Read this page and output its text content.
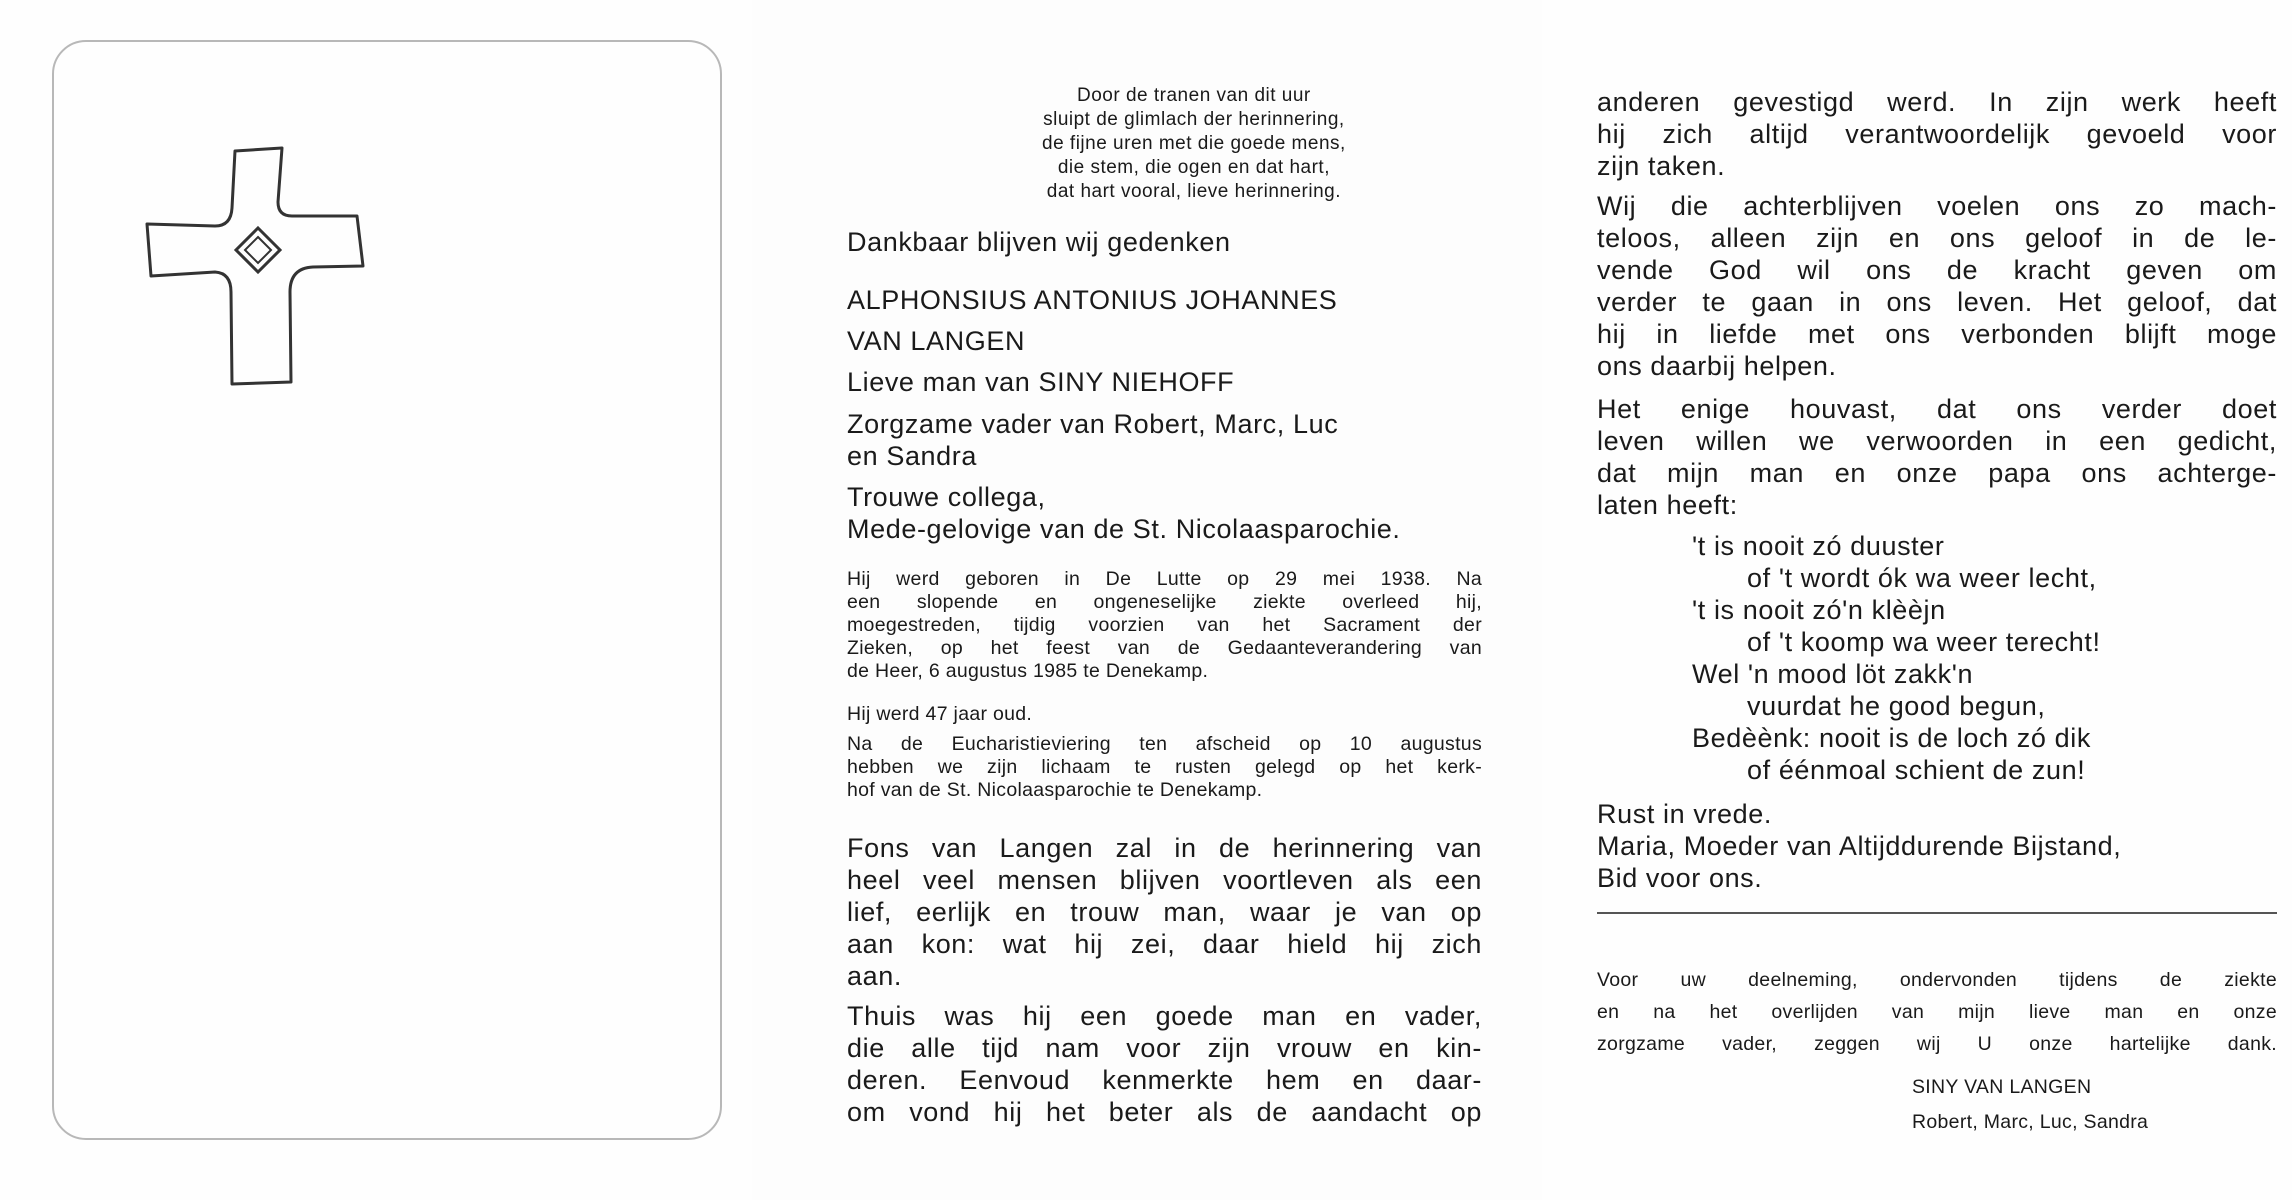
Door de tranen van dit uur
sluipt de glimlach der herinnering,
de fijne uren met die goede mens,
die stem, die ogen en dat hart,
dat hart vooral, lieve herinnering.
Dankbaar blijven wij gedenken
ALPHONSIUS ANTONIUS JOHANNES
VAN LANGEN
Lieve man van SINY NIEHOFF
Zorgzame vader van Robert, Marc, Luc
en Sandra
Trouwe collega,
Mede-gelovige van de St. Nicolaasparochie.
Hij werd geboren in De Lutte op 29 mei 1938. Na
een slopende en ongeneselijke ziekte overleed hij,
moegestreden, tijdig voorzien van het Sacrament der
Zieken, op het feest van de Gedaanteverandering van
de Heer, 6 augustus 1985 te Denekamp.
Hij werd 47 jaar oud.
Na de Eucharistieviering ten afscheid op 10 augustus
hebben we zijn lichaam te rusten gelegd op het kerk-
hof van de St. Nicolaasparochie te Denekamp.
Fons van Langen zal in de herinnering van
heel veel mensen blijven voortleven als een
lief, eerlijk en trouw man, waar je van op
aan kon: wat hij zei, daar hield hij zich
aan.
Thuis was hij een goede man en vader,
die alle tijd nam voor zijn vrouw en kin-
deren. Eenvoud kenmerkte hem en daar-
om vond hij het beter als de aandacht op
anderen gevestigd werd. In zijn werk heeft
hij zich altijd verantwoordelijk gevoeld voor
zijn taken.
Wij die achterblijven voelen ons zo mach-
teloos, alleen zijn en ons geloof in de le-
vende God wil ons de kracht geven om
verder te gaan in ons leven. Het geloof, dat
hij in liefde met ons verbonden blijft moge
ons daarbij helpen.
Het enige houvast, dat ons verder doet
leven willen we verwoorden in een gedicht,
dat mijn man en onze papa ons achterge-
laten heeft:
't is nooit zó duuster
of 't wordt ók wa weer lecht,
't is nooit zó'n klèèjn
of 't koomp wa weer terecht!
Wel 'n mood löt zakk'n
vuurdat he good begun,
Bedèènk: nooit is de loch zó dik
of éénmoal schient de zun!
Rust in vrede.
Maria, Moeder van Altijddurende Bijstand,
Bid voor ons.
Voor uw deelneming, ondervonden tijdens de ziekte
en na het overlijden van mijn lieve man en onze
zorgzame vader, zeggen wij U onze hartelijke dank.
SINY VAN LANGEN
Robert, Marc, Luc, Sandra
